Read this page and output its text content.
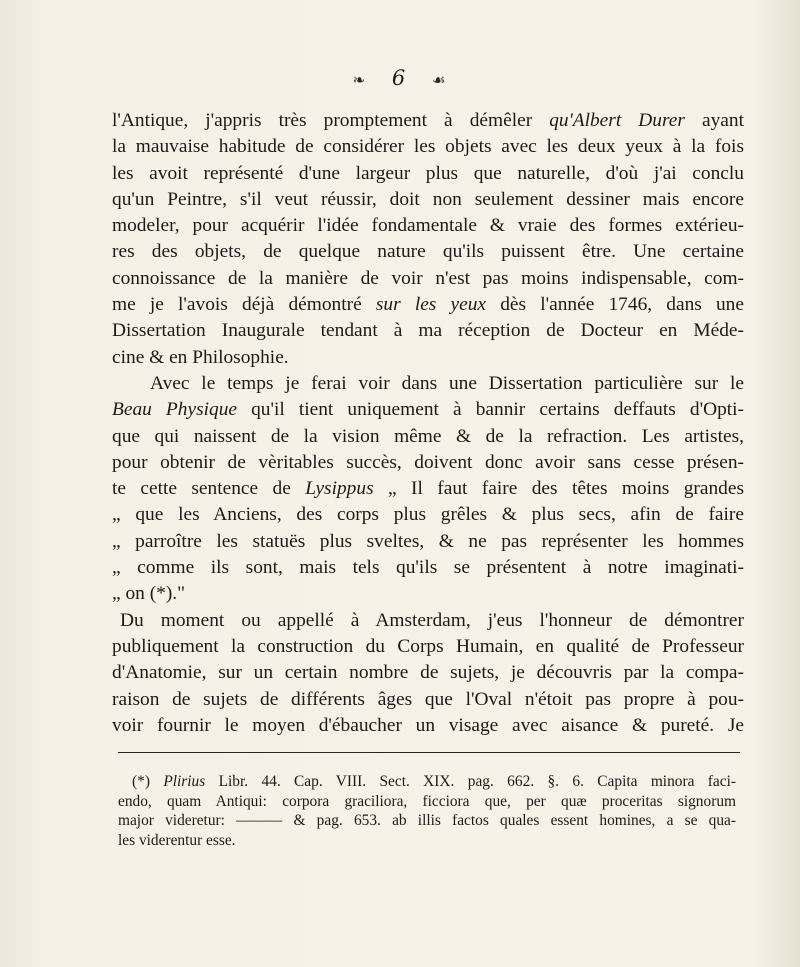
❧ 6 ☙
l'Antique, j'appris très promptement à démêler qu'Albert Durer ayant
la mauvaise habitude de considérer les objets avec les deux yeux à la fois
les avoit représenté d'une largeur plus que naturelle, d'où j'ai conclu
qu'un Peintre, s'il veut réussir, doit non seulement dessiner mais encore
modeler, pour acquérir l'idée fondamentale & vraie des formes extérieu-
res des objets, de quelque nature qu'ils puissent être. Une certaine
connoissance de la manière de voir n'est pas moins indispensable, com-
me je l'avois déjà démontré sur les yeux dès l'année 1746, dans une
Dissertation Inaugurale tendant à ma réception de Docteur en Méde-
cine & en Philosophie.
Avec le temps je ferai voir dans une Dissertation particulière sur le
Beau Physique qu'il tient uniquement à bannir certains deffauts d'Opti-
que qui naissent de la vision même & de la refraction. Les artistes,
pour obtenir de vèritables succès, doivent donc avoir sans cesse présen-
te cette sentence de Lysippus „ Il faut faire des têtes moins grandes
„ que les Anciens, des corps plus grêles & plus secs, afin de faire
„ parroître les statuës plus sveltes, & ne pas représenter les hommes
„ comme ils sont, mais tels qu'ils se présentent à notre imaginati-
„ on (*)."
Du moment ou appellé à Amsterdam, j'eus l'honneur de démontrer
publiquement la construction du Corps Humain, en qualité de Professeur
d'Anatomie, sur un certain nombre de sujets, je découvris par la compa-
raison de sujets de différents âges que l'Oval n'étoit pas propre à pou-
voir fournir le moyen d'ébaucher un visage avec aisance & pureté. Je
(*) Plirius Libr. 44. Cap. VIII. Sect. XIX. pag. 662. §. 6. Capita minora faci-
endo, quam Antiqui: corpora graciliora, ficciora que, per quæ proceritas signorum
major videretur: ——— & pag. 653. ab illis factos quales essent homines, a se qua-
les viderentur esse.
